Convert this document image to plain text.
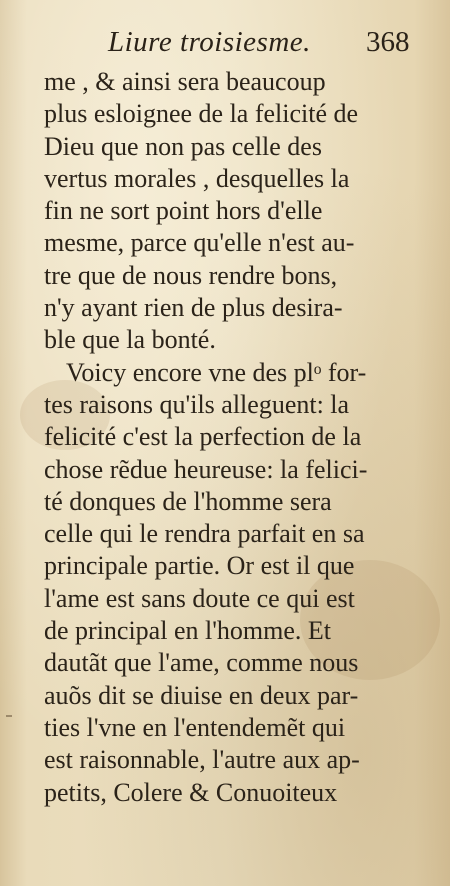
Liure troisiesme. 368
me , & ainsi sera beaucoup
plus esloignee de la felicité de
Dieu que non pas celle des
vertus morales , desquelles la
fin ne sort point hors d'elle
mesme, parce qu'elle n'est au-
tre que de nous rendre bons,
n'y ayant rien de plus desira-
ble que la bonté.
Voicy encore vne des plᵒ for-
tes raisons qu'ils alleguent: la
felicité c'est la perfection de la
chose rẽdue heureuse: la felici-
té donques de l'homme sera
celle qui le rendra parfait en sa
principale partie. Or est il que
l'ame est sans doute ce qui est
de principal en l'homme. Et
dautãt que l'ame, comme nous
auõs dit se diuise en deux par-
ties l'vne en l'entendemẽt qui
est raisonnable, l'autre aux ap-
petits, Colere & Conuoiteux
